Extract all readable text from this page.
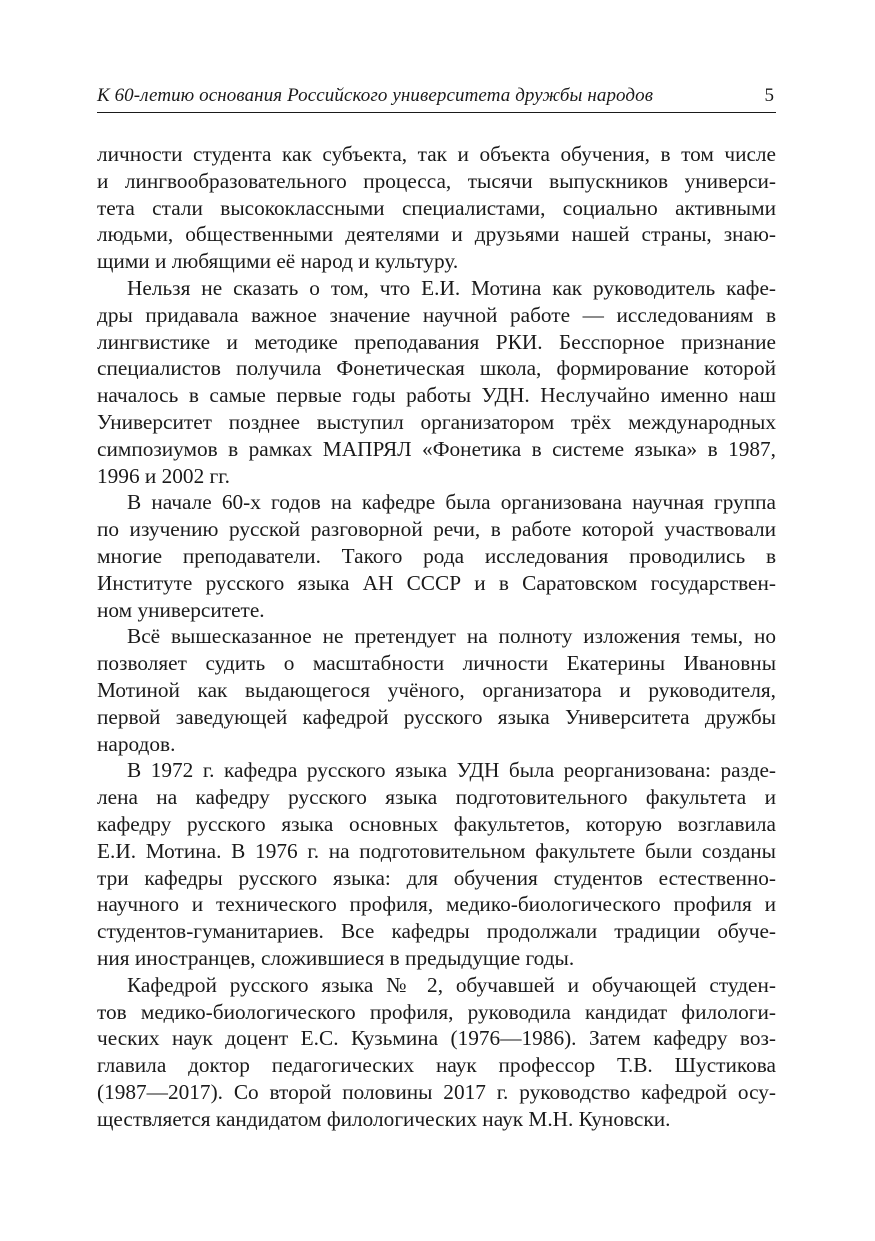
К 60-летию основания Российского университета дружбы народов	5

личности студента как субъекта, так и объекта обучения, в том числе
и лингвообразовательного процесса, тысячи выпускников универси-
тета стали высококлассными специалистами, социально активными
людьми, общественными деятелями и друзьями нашей страны, знаю-
щими и любящими её народ и культуру.

Нельзя не сказать о том, что Е.И. Мотина как руководитель кафе-
дры придавала важное значение научной работе — исследованиям в
лингвистике и методике преподавания РКИ. Бесспорное признание
специалистов получила Фонетическая школа, формирование которой
началось в самые первые годы работы УДН. Неслучайно именно наш
Университет позднее выступил организатором трёх международных
симпозиумов в рамках МАПРЯЛ «Фонетика в системе языка» в 1987,
1996 и 2002 гг.

В начале 60-х годов на кафедре была организована научная группа
по изучению русской разговорной речи, в работе которой участвовали
многие преподаватели. Такого рода исследования проводились в
Институте русского языка АН СССР и в Саратовском государствен-
ном университете.

Всё вышесказанное не претендует на полноту изложения темы, но
позволяет судить о масштабности личности Екатерины Ивановны
Мотиной как выдающегося учёного, организатора и руководителя,
первой заведующей кафедрой русского языка Университета дружбы
народов.

В 1972 г. кафедра русского языка УДН была реорганизована: разде-
лена на кафедру русского языка подготовительного факультета и
кафедру русского языка основных факультетов, которую возглавила
Е.И. Мотина. В 1976 г. на подготовительном факультете были созданы
три кафедры русского языка: для обучения студентов естественно-
научного и технического профиля, медико-биологического профиля и
студентов-гуманитариев. Все кафедры продолжали традиции обуче-
ния иностранцев, сложившиеся в предыдущие годы.

Кафедрой русского языка № 2, обучавшей и обучающей студен-
тов медико-биологического профиля, руководила кандидат филологи-
ческих наук доцент Е.С. Кузьмина (1976—1986). Затем кафедру воз-
главила доктор педагогических наук профессор Т.В. Шустикова
(1987—2017). Со второй половины 2017 г. руководство кафедрой осу-
ществляется кандидатом филологических наук М.Н. Куновски.
